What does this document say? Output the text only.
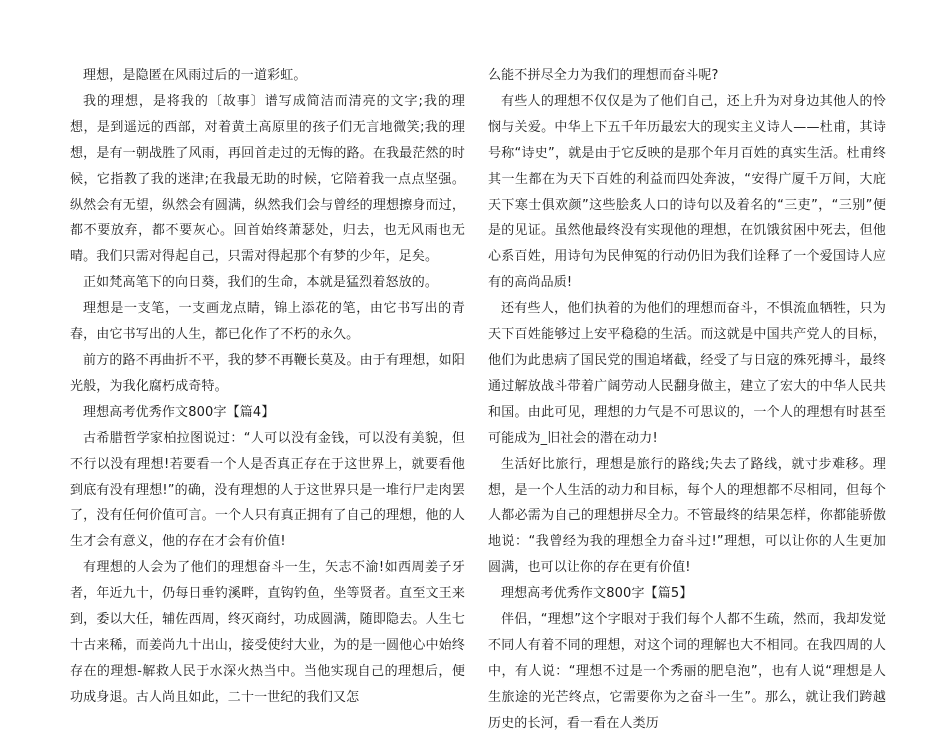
理想，是隐匿在风雨过后的一道彩虹。

我的理想，是将我的〔故事〕谱写成简洁而清亮的文字;我的理想，是到遥远的西部，对着黄土高原里的孩子们无言地微笑;我的理想，是有一朝战胜了风雨，再回首走过的无悔的路。在我最茫然的时候，它指教了我的迷津;在我最无助的时候，它陪着我一点点坚强。纵然会有无望，纵然会有圆满，纵然我们会与曾经的理想擦身而过，都不要放弃，都不要灰心。回首始终萧瑟处，归去，也无风雨也无晴。我们只需对得起自己，只需对得起那个有梦的少年，足矣。

正如梵高笔下的向日葵，我们的生命，本就是猛烈着怒放的。

理想是一支笔，一支画龙点睛，锦上添花的笔，由它书写出的青春，由它书写出的人生，都已化作了不朽的永久。

前方的路不再曲折不平，我的梦不再鞭长莫及。由于有理想，如阳光般，为我化腐朽成奇特。

理想高考优秀作文800字【篇4】

古希腊哲学家柏拉图说过：“人可以没有金钱，可以没有美貌，但不行以没有理想!若要看一个人是否真正存在于这世界上，就要看他到底有没有理想!”的确，没有理想的人于这世界只是一堆行尸走肉罢了，没有任何价值可言。一个人只有真正拥有了自己的理想，他的人生才会有意义，他的存在才会有价值!

有理想的人会为了他们的理想奋斗一生，矢志不渝!如西周姜子牙者，年近九十，仍每日垂钓溪畔，直钩钓鱼，坐等贤者。直至文王来到，委以大任，辅佐西周，终灭商纣，功成圆满，随即隐去。人生七十古来稀，而姜尚九十出山，接受使纣大业，为的是一圆他心中始终存在的理想-解救人民于水深火热当中。当他实现自己的理想后，便功成身退。古人尚且如此，二十一世纪的我们又怎

么能不拼尽全力为我们的理想而奋斗呢?

有些人的理想不仅仅是为了他们自己，还上升为对身边其他人的怜悯与关爱。中华上下五千年历最宏大的现实主义诗人——杜甫，其诗号称“诗史”，就是由于它反映的是那个年月百姓的真实生活。杜甫终其一生都在为天下百姓的利益而四处奔波，“安得广厦千万间，大庇天下寒士俱欢颜”这些脍炙人口的诗句以及着名的“三吏”，“三别”便是的见证。虽然他最终没有实现他的理想，在饥饿贫困中死去，但他心系百姓，用诗句为民伸冤的行动仍旧为我们诠释了一个爱国诗人应有的高尚品质!

还有些人，他们执着的为他们的理想而奋斗，不惧流血牺牲，只为天下百姓能够过上安平稳稳的生活。而这就是中国共产党人的目标，他们为此患病了国民党的围追堵截，经受了与日寇的殊死搏斗，最终通过解放战斗带着广阔劳动人民翻身做主，建立了宏大的中华人民共和国。由此可见，理想的力气是不可思议的，一个人的理想有时甚至可能成为_旧社会的潜在动力!

生活好比旅行，理想是旅行的路线;失去了路线，就寸步难移。理想，是一个人生活的动力和目标，每个人的理想都不尽相同，但每个人都必需为自己的理想拼尽全力。不管最终的结果怎样，你都能骄傲地说：“我曾经为我的理想全力奋斗过!”理想，可以让你的人生更加圆满，也可以让你的存在更有价值!

理想高考优秀作文800字【篇5】

伴侣，“理想”这个字眼对于我们每个人都不生疏，然而，我却发觉不同人有着不同的理想，对这个词的理解也大不相同。在我四周的人中，有人说：“理想不过是一个秀丽的肥皂泡”，也有人说“理想是人生旅途的光芒终点，它需要你为之奋斗一生”。那么，就让我们跨越历史的长河，看一看在人类历
